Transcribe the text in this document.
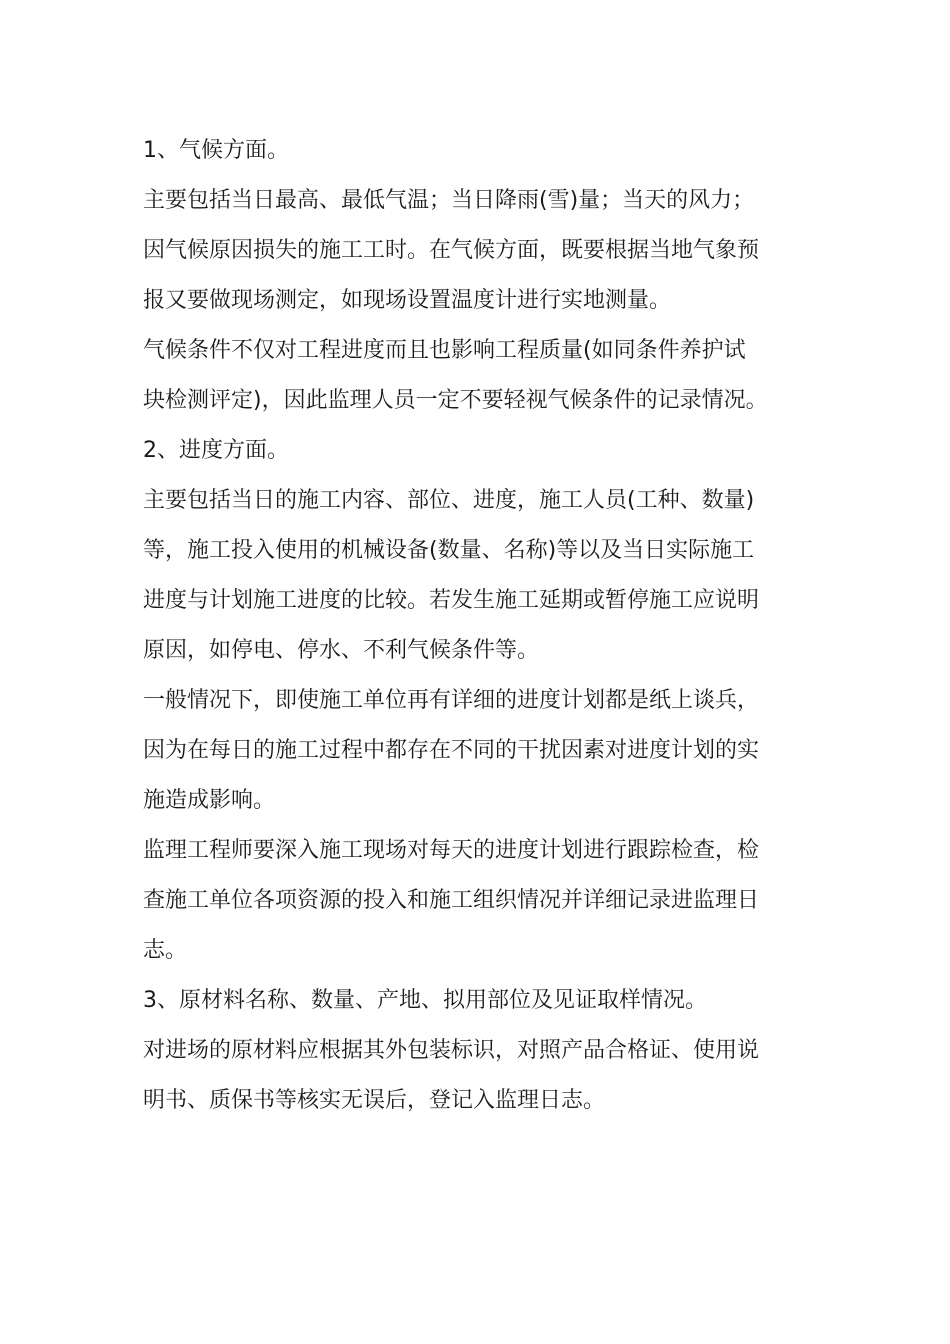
1、气候方面。
主要包括当日最高、最低气温；当日降雨(雪)量；当天的风力；
因气候原因损失的施工工时。在气候方面，既要根据当地气象预
报又要做现场测定，如现场设置温度计进行实地测量。
气候条件不仅对工程进度而且也影响工程质量(如同条件养护试
块检测评定)，因此监理人员一定不要轻视气候条件的记录情况。
2、进度方面。
主要包括当日的施工内容、部位、进度，施工人员(工种、数量)
等，施工投入使用的机械设备(数量、名称)等以及当日实际施工
进度与计划施工进度的比较。若发生施工延期或暂停施工应说明
原因，如停电、停水、不利气候条件等。
一般情况下，即使施工单位再有详细的进度计划都是纸上谈兵，
因为在每日的施工过程中都存在不同的干扰因素对进度计划的实
施造成影响。
监理工程师要深入施工现场对每天的进度计划进行跟踪检查，检
查施工单位各项资源的投入和施工组织情况并详细记录进监理日
志。
3、原材料名称、数量、产地、拟用部位及见证取样情况。
对进场的原材料应根据其外包装标识，对照产品合格证、使用说
明书、质保书等核实无误后，登记入监理日志。
